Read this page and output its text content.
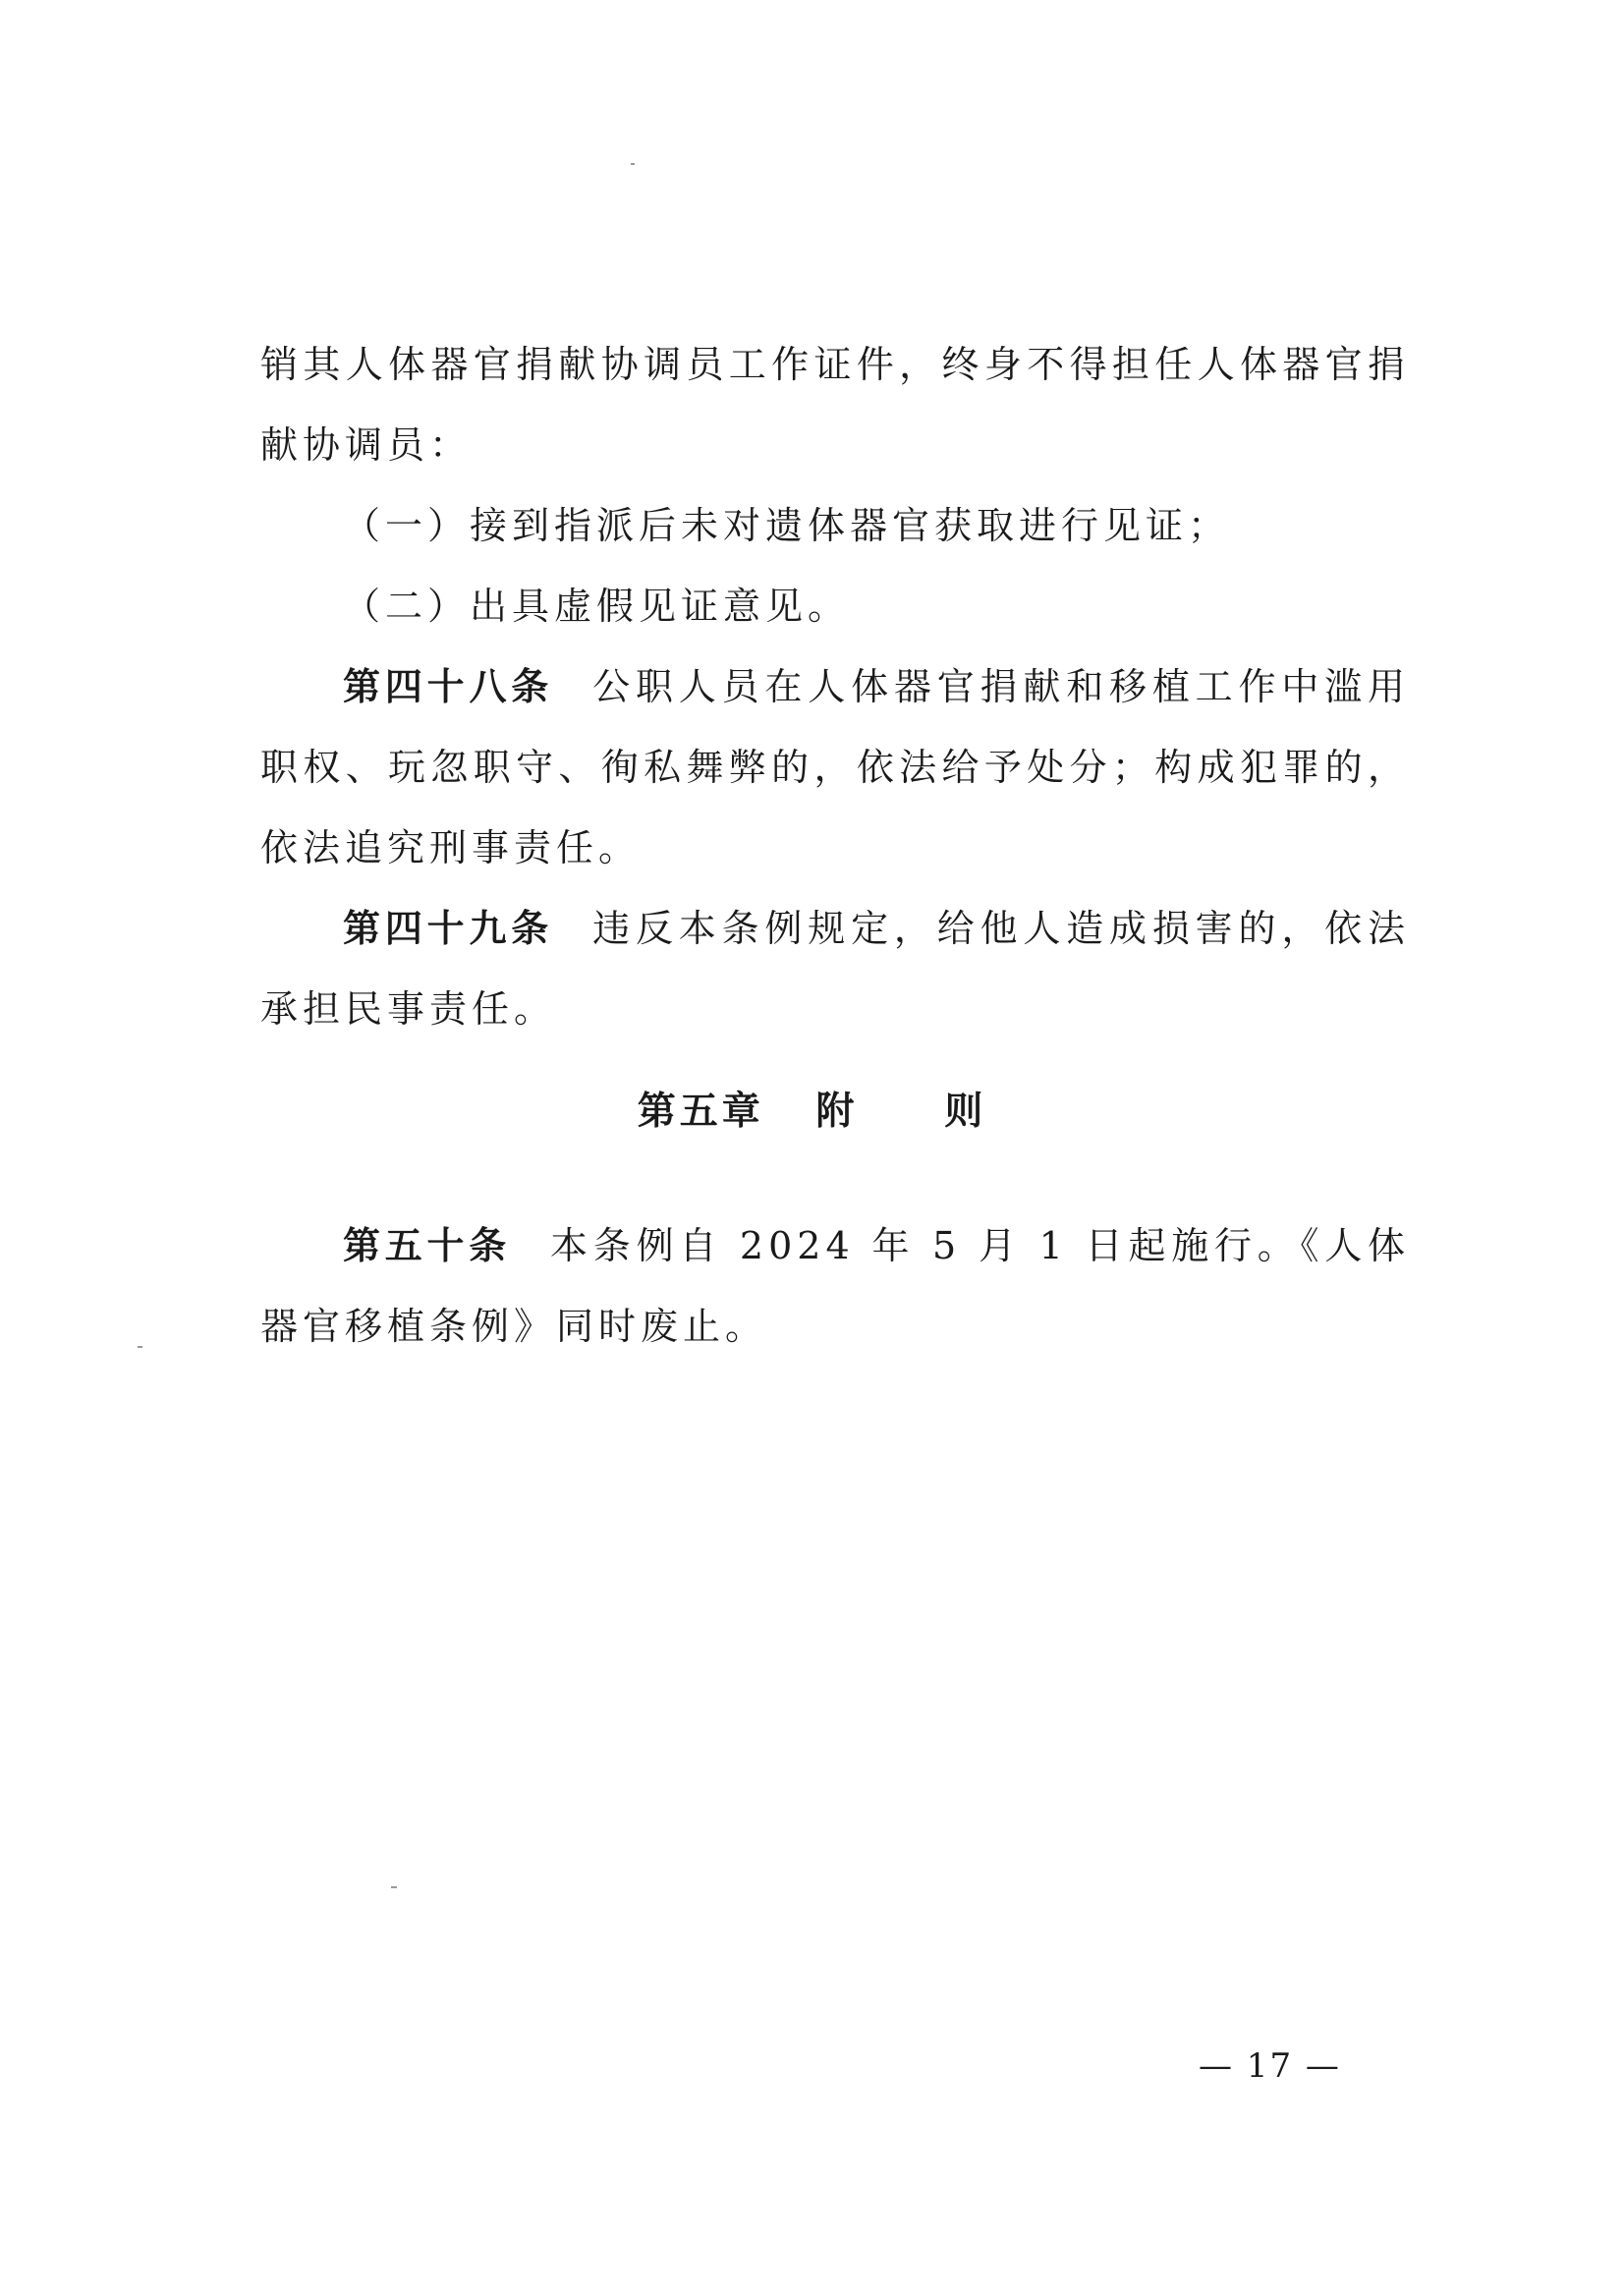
销其人体器官捐献协调员工作证件，终身不得担任人体器官捐献协调员：

（一）接到指派后未对遗体器官获取进行见证；

（二）出具虚假见证意见。

第四十八条 公职人员在人体器官捐献和移植工作中滥用职权、玩忽职守、徇私舞弊的，依法给予处分；构成犯罪的，依法追究刑事责任。

第四十九条 违反本条例规定，给他人造成损害的，依法承担民事责任。

第五章   附     则

第五十条 本条例自 2024 年 5 月 1 日起施行。《人体器官移植条例》同时废止。

— 17 —
